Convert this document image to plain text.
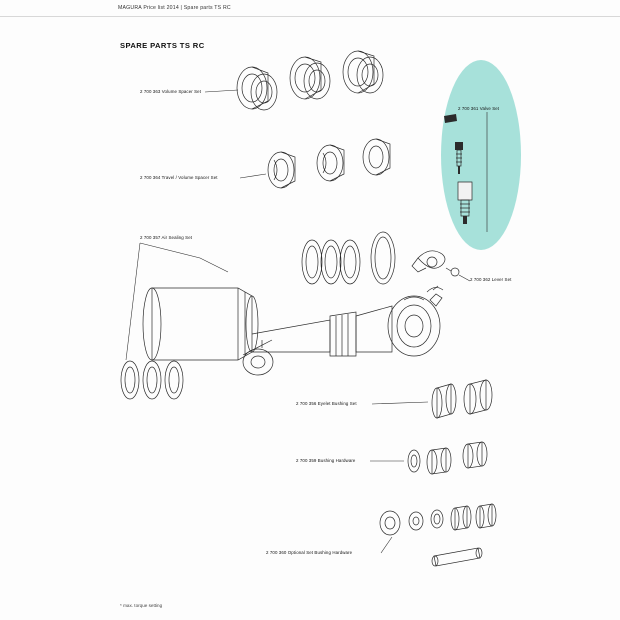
MAGURA Price list 2014 | Spare parts TS RC
SPARE PARTS TS RC
2 700 363 Volume Spacer Set
2 700 364 Travel / Volume Spacer Set
2 700 357 Air Sealing Set
2 700 361 Valve Set
2 700 362 Lever Set
2 700 356 Eyelet Bushing Set
2 700 359 Bushing Hardware
2 700 360 Optional Set Bushing Hardware
* max. torque setting
